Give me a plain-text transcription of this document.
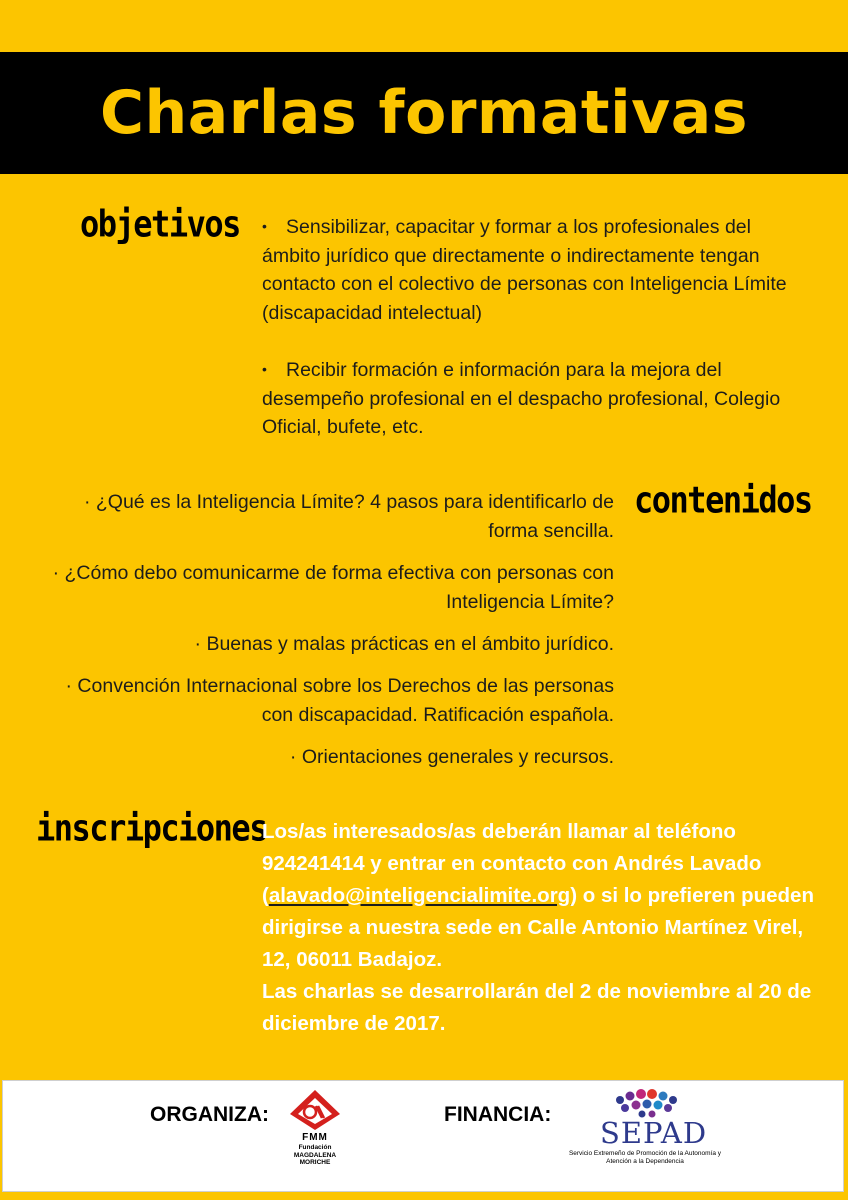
Charlas formativas
objetivos • Sensibilizar, capacitar y formar a los profesionales del ámbito jurídico que directamente o indirectamente tengan contacto con el colectivo de personas con Inteligencia Límite (discapacidad intelectual)
• Recibir formación e información para la mejora del desempeño profesional en el despacho profesional, Colegio Oficial, bufete, etc.
contenidos
· ¿Qué es la Inteligencia Límite? 4 pasos para identificarlo de forma sencilla.
· ¿Cómo debo comunicarme de forma efectiva con personas con Inteligencia Límite?
· Buenas y malas prácticas en el ámbito jurídico.
· Convención Internacional sobre los Derechos de las personas con discapacidad. Ratificación española.
· Orientaciones generales y recursos.
inscripciones

Los/as interesados/as deberán llamar al teléfono 924241414 y entrar en contacto con Andrés Lavado (alavado@inteligencialimite.org) o si lo prefieren pueden dirigirse a nuestra sede en Calle Antonio Martínez Virel, 12, 06011 Badajoz.
Las charlas se desarrollarán del 2 de noviembre al 20 de diciembre de 2017.

ORGANIZA:

FMM
Fundación MAGDALENA MORICHE

FINANCIA:

SEPAD
Servicio Extremeño de Promoción de la Autonomía y Atención a la Dependencia
